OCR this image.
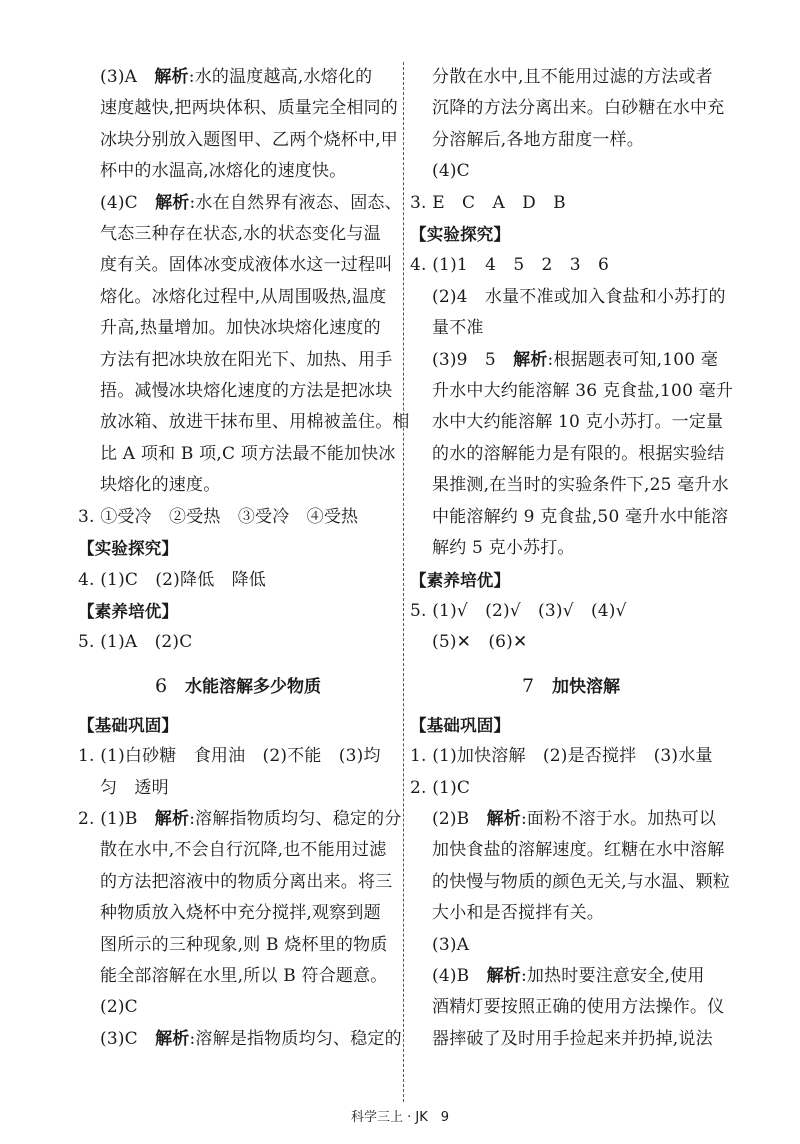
(3)A　解析:水的温度越高,水熔化的
速度越快,把两块体积、质量完全相同的
冰块分别放入题图甲、乙两个烧杯中,甲
杯中的水温高,冰熔化的速度快。
(4)C　解析:水在自然界有液态、固态、
气态三种存在状态,水的状态变化与温
度有关。固体冰变成液体水这一过程叫
熔化。冰熔化过程中,从周围吸热,温度
升高,热量增加。加快冰块熔化速度的
方法有把冰块放在阳光下、加热、用手
捂。减慢冰块熔化速度的方法是把冰块
放冰箱、放进干抹布里、用棉被盖住。相
比 A 项和 B 项,C 项方法最不能加快冰
块熔化的速度。
3. ①受冷　②受热　③受冷　④受热
【实验探究】
4. (1)C　(2)降低　降低
【素养培优】
5. (1)A　(2)C
6 水能溶解多少物质
【基础巩固】
1. (1)白砂糖　食用油　(2)不能　(3)均
匀　透明
2. (1)B　解析:溶解指物质均匀、稳定的分
散在水中,不会自行沉降,也不能用过滤
的方法把溶液中的物质分离出来。将三
种物质放入烧杯中充分搅拌,观察到题
图所示的三种现象,则 B 烧杯里的物质
能全部溶解在水里,所以 B 符合题意。
(2)C
(3)C　解析:溶解是指物质均匀、稳定的
分散在水中,且不能用过滤的方法或者
沉降的方法分离出来。白砂糖在水中充
分溶解后,各地方甜度一样。
(4)C
3. E　C　A　D　B
【实验探究】
4. (1)1　4　5　2　3　6
(2)4　水量不准或加入食盐和小苏打的
量不准
(3)9　5　解析:根据题表可知,100 毫
升水中大约能溶解 36 克食盐,100 毫升
水中大约能溶解 10 克小苏打。一定量
的水的溶解能力是有限的。根据实验结
果推测,在当时的实验条件下,25 毫升水
中能溶解约 9 克食盐,50 毫升水中能溶
解约 5 克小苏打。
【素养培优】
5. (1)√　(2)√　(3)√　(4)√
(5)✕　(6)✕
7 加快溶解
【基础巩固】
1. (1)加快溶解　(2)是否搅拌　(3)水量
2. (1)C
(2)B　解析:面粉不溶于水。加热可以
加快食盐的溶解速度。红糖在水中溶解
的快慢与物质的颜色无关,与水温、颗粒
大小和是否搅拌有关。
(3)A
(4)B　解析:加热时要注意安全,使用
酒精灯要按照正确的使用方法操作。仪
器摔破了及时用手捡起来并扔掉,说法
科学三上 · JK　9
